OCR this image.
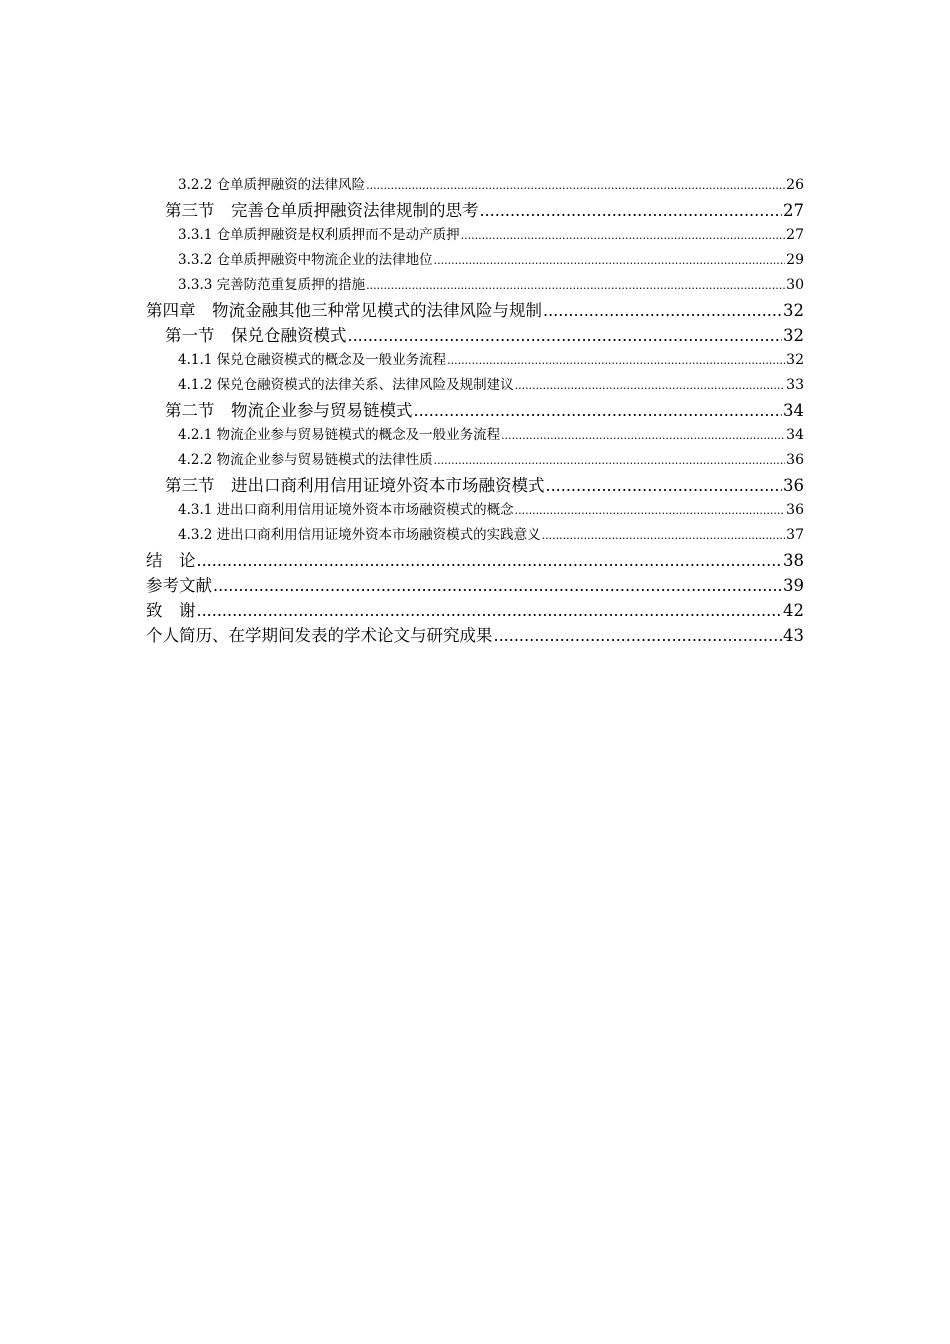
3.2.2 仓单质押融资的法律风险 .....	26
第三节　完善仓单质押融资法律规制的思考 .....	27
3.3.1 仓单质押融资是权利质押而不是动产质押 .....	27
3.3.2 仓单质押融资中物流企业的法律地位 .....	29
3.3.3 完善防范重复质押的措施 .....	30
第四章　物流金融其他三种常见模式的法律风险与规制 .....	32
第一节　保兑仓融资模式 .....	32
4.1.1 保兑仓融资模式的概念及一般业务流程 .....	32
4.1.2 保兑仓融资模式的法律关系、法律风险及规制建议 .....	33
第二节　物流企业参与贸易链模式 .....	34
4.2.1 物流企业参与贸易链模式的概念及一般业务流程 .....	34
4.2.2 物流企业参与贸易链模式的法律性质 .....	36
第三节　进出口商利用信用证境外资本市场融资模式 .....	36
4.3.1 进出口商利用信用证境外资本市场融资模式的概念 .....	36
4.3.2 进出口商利用信用证境外资本市场融资模式的实践意义 .....	37
结　论 .....	38
参考文献 .....	39
致　谢 .....	42
个人简历、在学期间发表的学术论文与研究成果 .....	43
